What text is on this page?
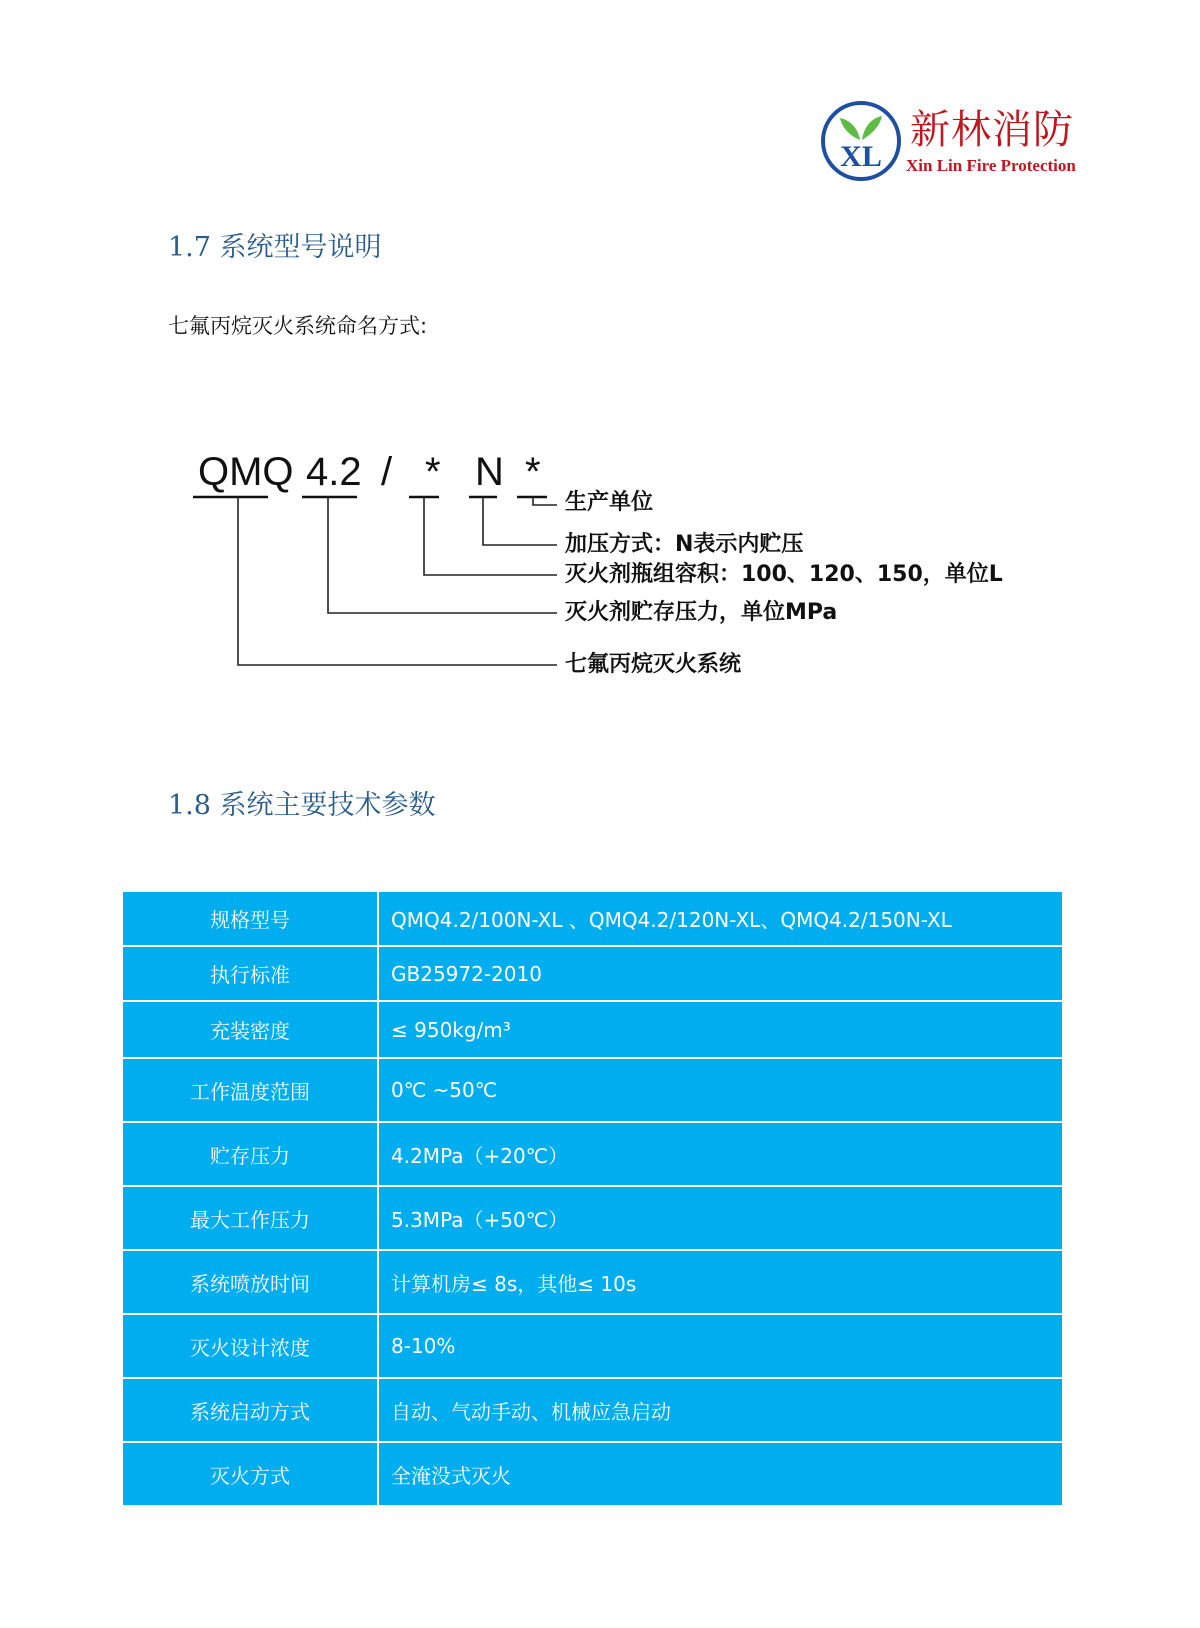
XL
新林消防
Xin Lin Fire Protection
1.7 系统型号说明
七氟丙烷灭火系统命名方式:
QMQ 4.2 / * N *
生产单位
加压方式：N表示内贮压
灭火剂瓶组容积：100、120、150，单位L
灭火剂贮存压力，单位MPa
七氟丙烷灭火系统
1.8 系统主要技术参数
规格型号	QMQ4.2/100N-XL 、QMQ4.2/120N-XL、QMQ4.2/150N-XL
执行标准	GB25972-2010
充装密度	≤ 950kg/m³
工作温度范围	0℃ ~50℃
贮存压力	4.2MPa（+20℃）
最大工作压力	5.3MPa（+50℃）
系统喷放时间	计算机房≤ 8s，其他≤ 10s
灭火设计浓度	8-10%
系统启动方式	自动、气动手动、机械应急启动
灭火方式	全淹没式灭火
